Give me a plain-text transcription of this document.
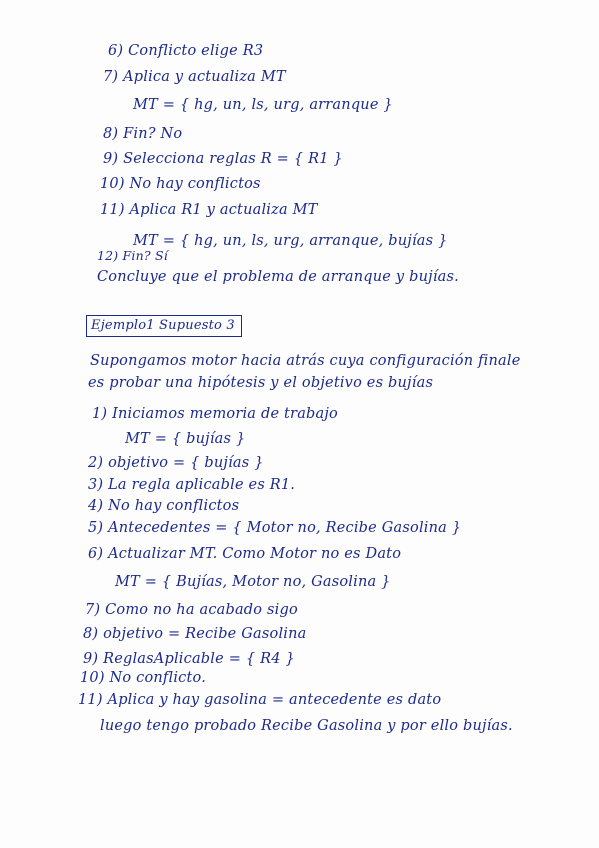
6) Conflicto elige R3
7) Aplica y actualiza MT
MT = { hg, un, ls, urg, arranque }
8) Fin? No
9) Selecciona reglas R = { R1 }
10) No hay conflictos
11) Aplica R1 y actualiza MT
MT = { hg, un, ls, urg, arranque, bujías }
12) Fin? Sí
Concluye que el problema de arranque y bujías.
Ejemplo1 Supuesto 3
Supongamos motor hacia atrás cuya configuración finale
es probar una hipótesis y el objetivo es bujías
1) Iniciamos memoria de trabajo
MT = { bujías }
2) objetivo = { bujías }
3) La regla aplicable es R1.
4) No hay conflictos
5) Antecedentes = { Motor no, Recibe Gasolina }
6) Actualizar MT. Como Motor no es Dato
MT = { Bujías, Motor no, Gasolina }
7) Como no ha acabado sigo
8) objetivo = Recibe Gasolina
9) ReglasAplicable = { R4 }
10) No conflicto.
11) Aplica y hay gasolina = antecedente es dato
luego tengo probado Recibe Gasolina y por ello bujías.
